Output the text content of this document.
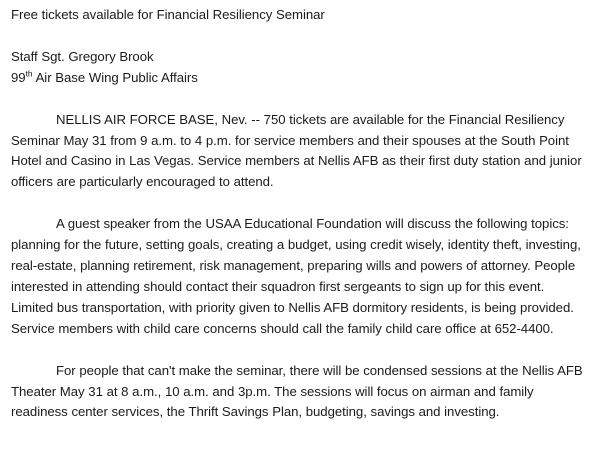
Free tickets available for Financial Resiliency Seminar
Staff Sgt. Gregory Brook
99th Air Base Wing Public Affairs

NELLIS AIR FORCE BASE, Nev. -- 750 tickets are available for the Financial Resiliency Seminar May 31 from 9 a.m. to 4 p.m. for service members and their spouses at the South Point Hotel and Casino in Las Vegas. Service members at Nellis AFB as their first duty station and junior officers are particularly encouraged to attend.

A guest speaker from the USAA Educational Foundation will discuss the following topics: planning for the future, setting goals, creating a budget, using credit wisely, identity theft, investing, real-estate, planning retirement, risk management, preparing wills and powers of attorney. People interested in attending should contact their squadron first sergeants to sign up for this event.  Limited bus transportation, with priority given to Nellis AFB dormitory residents, is being provided. Service members with child care concerns should call the family child care office at 652-4400.

For people that can't make the seminar, there will be condensed sessions at the Nellis AFB Theater May 31 at 8 a.m., 10 a.m. and 3p.m. The sessions will focus on airman and family readiness center services, the Thrift Savings Plan, budgeting, savings and investing.
